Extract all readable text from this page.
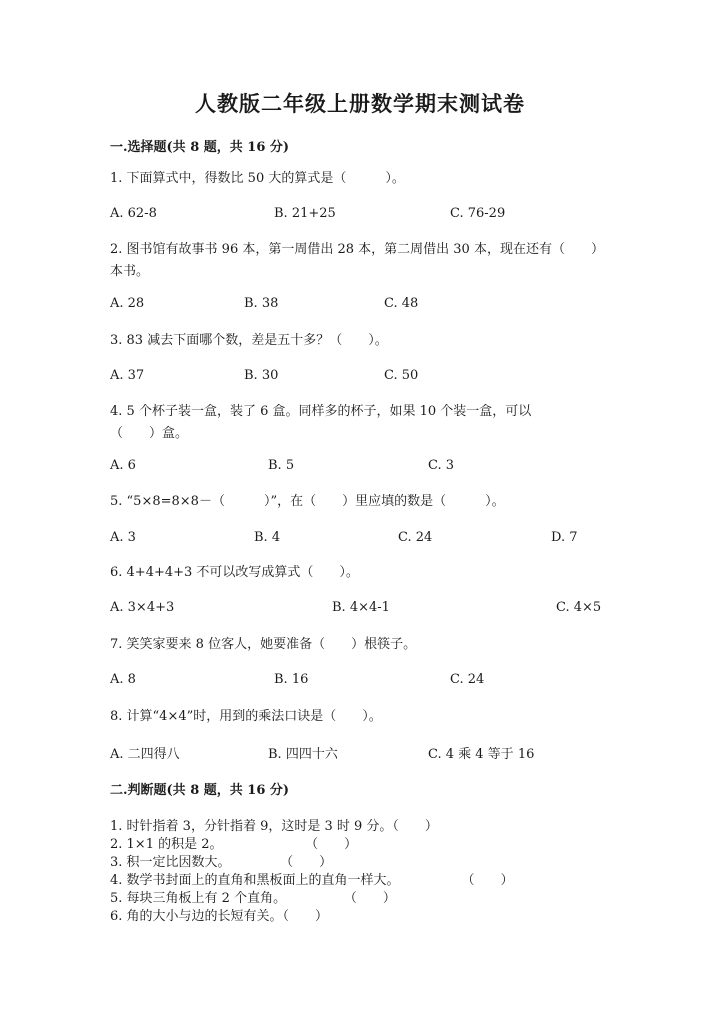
人教版二年级上册数学期末测试卷
一.选择题(共 8 题，共 16 分)
1. 下面算式中，得数比 50 大的算式是（　　　）。
A. 62-8	B. 21+25	C. 76-29
2. 图书馆有故事书 96 本，第一周借出 28 本，第二周借出 30 本，现在还有（　　）本书。
A. 28	B. 38	C. 48
3. 83 减去下面哪个数，差是五十多？（　　）。
A. 37	B. 30	C. 50
4. 5 个杯子装一盒，装了 6 盒。同样多的杯子，如果 10 个装一盒，可以（　　）盒。
A. 6	B. 5	C. 3
5. “5×8=8×8－（　　　）”，在（　　）里应填的数是（　　　）。
A. 3	B. 4	C. 24	D. 7
6. 4+4+4+3 不可以改写成算式（　　）。
A. 3×4+3	B. 4×4-1	C. 4×5
7. 笑笑家要来 8 位客人，她要准备（　　）根筷子。
A. 8	B. 16	C. 24
8. 计算“4×4”时，用到的乘法口诀是（　　）。
A. 二四得八	B. 四四十六	C. 4 乘 4 等于 16
二.判断题(共 8 题，共 16 分)
1. 时针指着 3，分针指着 9，这时是 3 时 9 分。（　　）
2. 1×1 的积是 2。                    （　　）
3. 积一定比因数大。            （　　）
4. 数学书封面上的直角和黑板面上的直角一样大。               （　　）
5. 每块三角板上有 2 个直角。              （　　）
6. 角的大小与边的长短有关。（　　）
